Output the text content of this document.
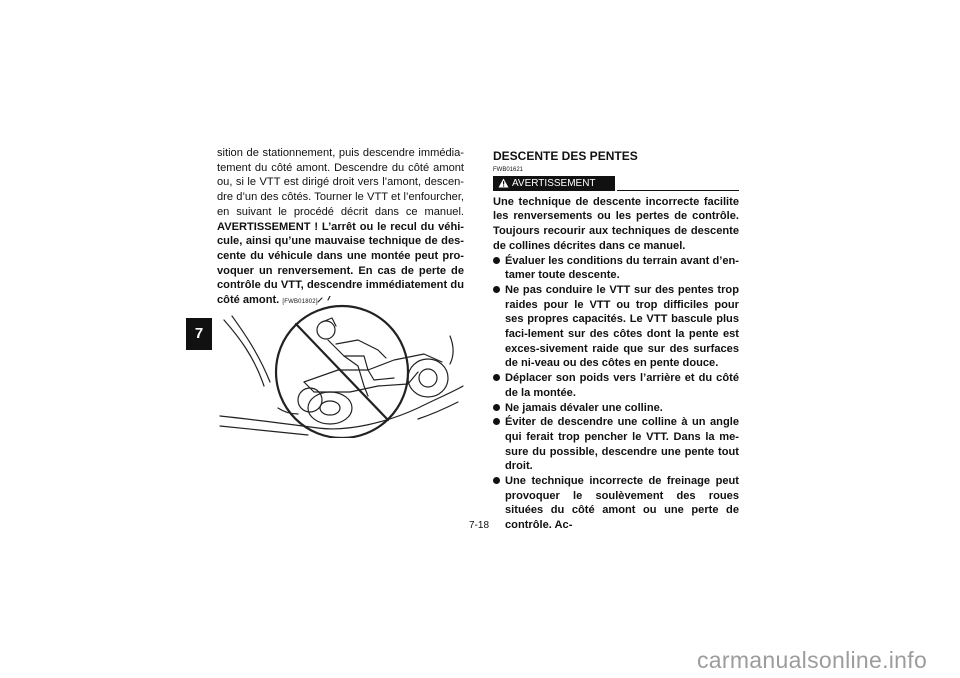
7
sition de stationnement, puis descendre immédia-tement du côté amont. Descendre du côté amont ou, si le VTT est dirigé droit vers l’amont, descen-dre d’un des côtés. Tourner le VTT et l’enfourcher, en suivant le procédé décrit dans ce manuel. AVERTISSEMENT ! L’arrêt ou le recul du véhi-cule, ainsi qu’une mauvaise technique de des-cente du véhicule dans une montée peut pro-voquer un renversement. En cas de perte de contrôle du VTT, descendre immédiatement du côté amont. [FWB01802]
DESCENTE DES PENTES
FWB01621
AVERTISSEMENT
Une technique de descente incorrecte facilite les renversements ou les pertes de contrôle. Toujours recourir aux techniques de descente de collines décrites dans ce manuel.
Évaluer les conditions du terrain avant d’en-tamer toute descente.
Ne pas conduire le VTT sur des pentes trop raides pour le VTT ou trop difficiles pour ses propres capacités. Le VTT bascule plus faci-lement sur des côtes dont la pente est exces-sivement raide que sur des surfaces de ni-veau ou des côtes en pente douce.
Déplacer son poids vers l’arrière et du côté de la montée.
Ne jamais dévaler une colline.
Éviter de descendre une colline à un angle qui ferait trop pencher le VTT. Dans la me-sure du possible, descendre une pente tout droit.
Une technique incorrecte de freinage peut provoquer le soulèvement des roues situées du côté amont ou une perte de contrôle. Ac-
7-18
carmanualsonline.info
